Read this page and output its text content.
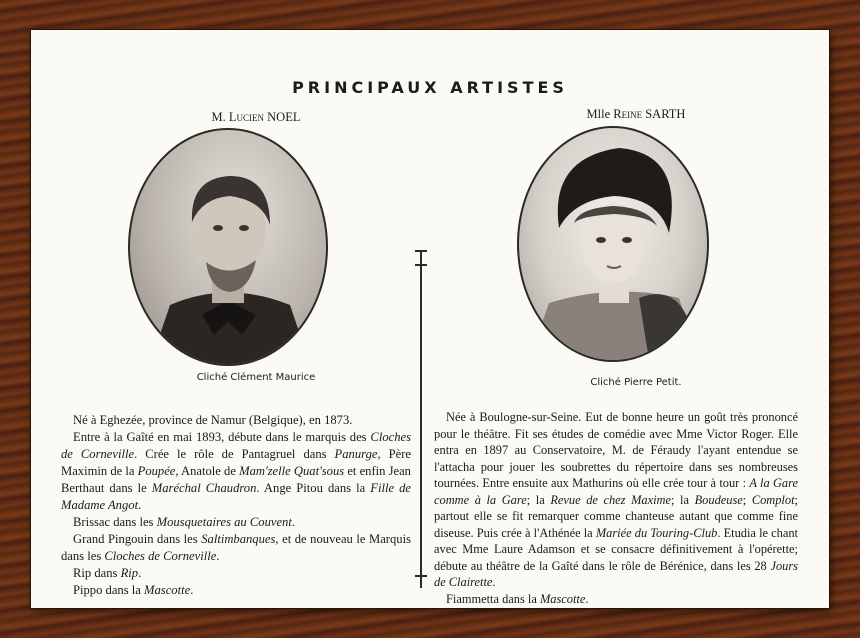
PRINCIPAUX ARTISTES
M. Lucien NOEL
Cliché Clément Maurice
Mlle Reine SARTH
Cliché Pierre Petit.

Né à Eghezée, province de Namur (Belgique), en 1873.

Entre à la Gaîté en mai 1893, débute dans le marquis des Cloches de Corneville. Crée le rôle de Pantagruel dans Panurge, Père Maximin de la Poupée, Anatole de Mam'zelle Quat'sous et enfin Jean Berthaut dans le Maréchal Chaudron. Ange Pitou dans la Fille de Madame Angot.

Brissac dans les Mousquetaires au Couvent.

Grand Pingouin dans les Saltimbanques, et de nouveau le Marquis dans les Cloches de Corneville.

Rip dans Rip.

Pippo dans la Mascotte.

Née à Boulogne-sur-Seine. Eut de bonne heure un goût très prononcé pour le théâtre. Fit ses études de comédie avec Mme Victor Roger. Elle entra en 1897 au Conservatoire, M. de Féraudy l'ayant entendue se l'attacha pour jouer les soubrettes du répertoire dans ses nombreuses tournées. Entre ensuite aux Mathurins où elle crée tour à tour : A la Gare comme à la Gare; la Revue de chez Maxime; la Boudeuse; Complot; partout elle se fit remarquer comme chanteuse autant que comme fine diseuse. Puis crée à l'Athénée la Mariée du Touring-Club. Etudia le chant avec Mme Laure Adamson et se consacre définitivement à l'opérette; débute au théâtre de la Gaîté dans le rôle de Bérénice, dans les 28 Jours de Clairette.

Fiammetta dans la Mascotte.
